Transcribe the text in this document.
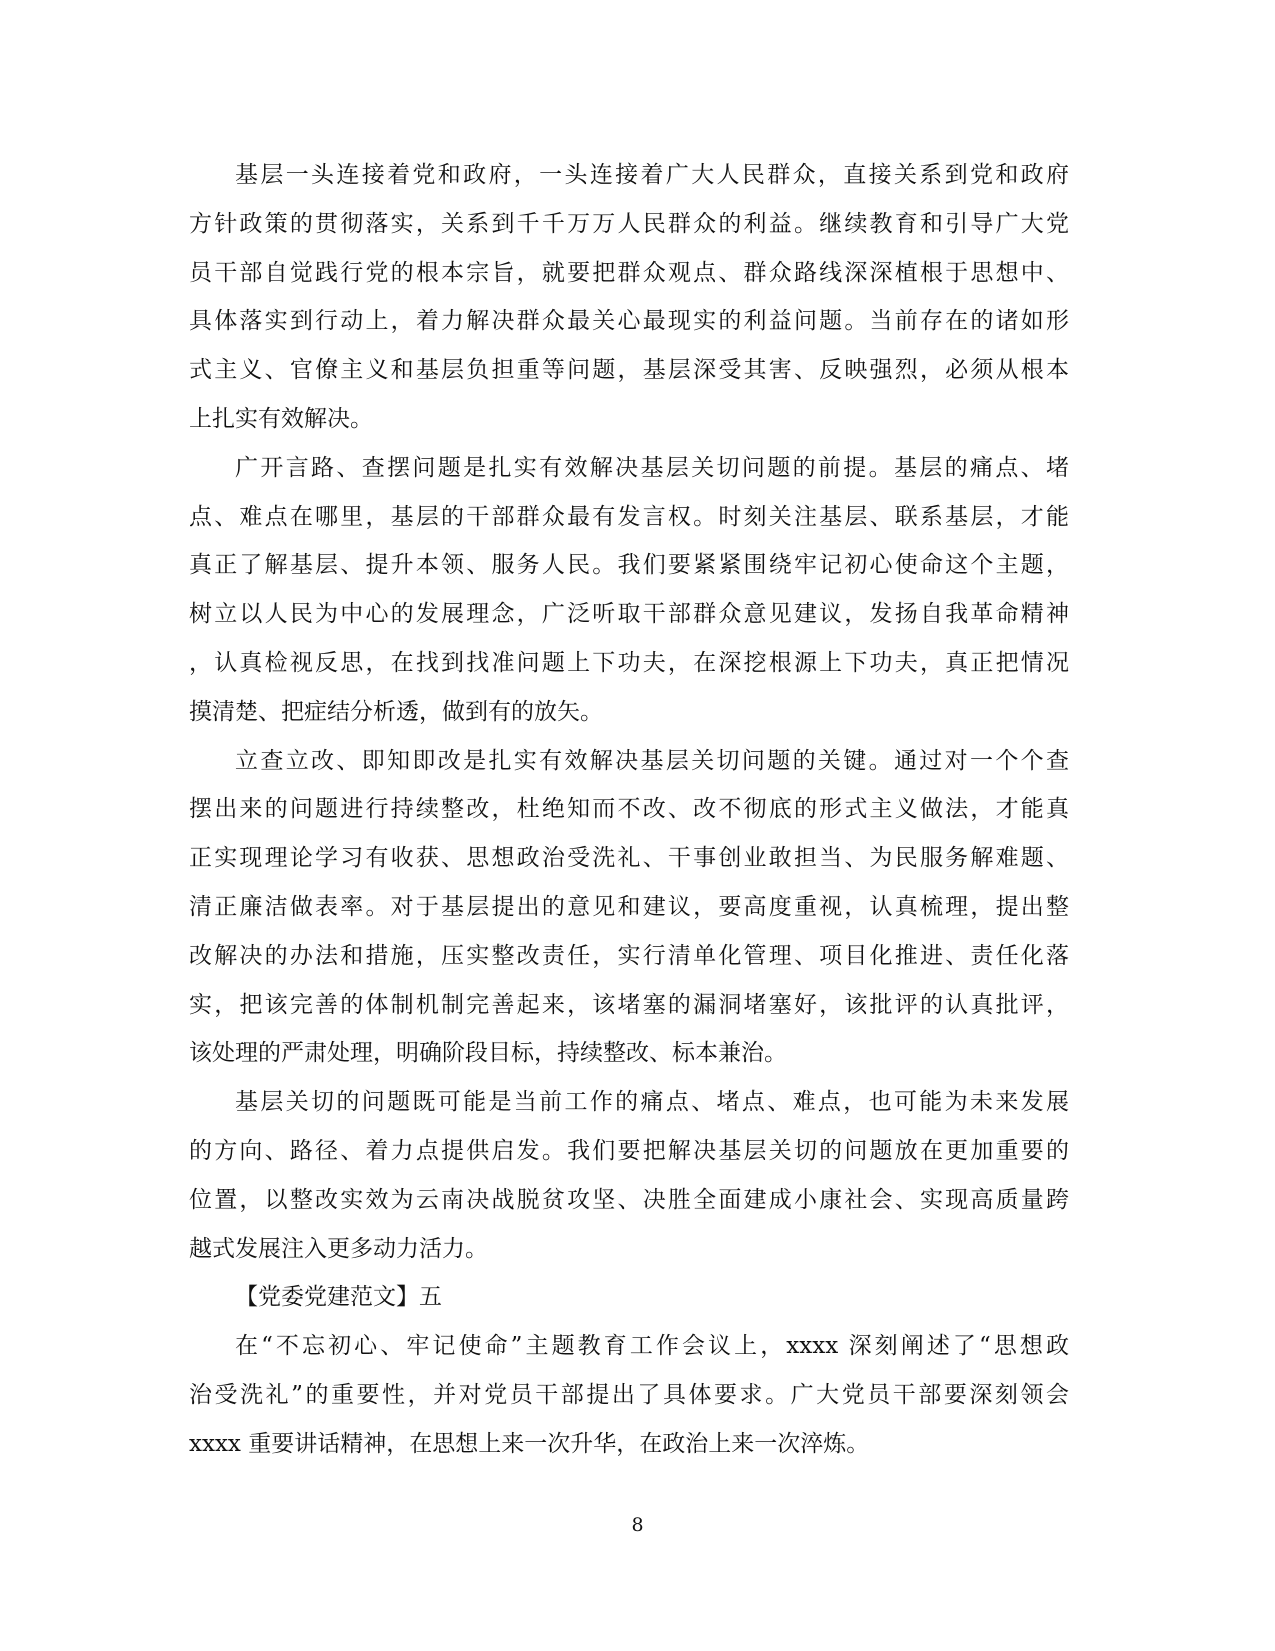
基层一头连接着党和政府，一头连接着广大人民群众，直接关系到党和政府
方针政策的贯彻落实，关系到千千万万人民群众的利益。继续教育和引导广大党
员干部自觉践行党的根本宗旨，就要把群众观点、群众路线深深植根于思想中、
具体落实到行动上，着力解决群众最关心最现实的利益问题。当前存在的诸如形
式主义、官僚主义和基层负担重等问题，基层深受其害、反映强烈，必须从根本
上扎实有效解决。
广开言路、查摆问题是扎实有效解决基层关切问题的前提。基层的痛点、堵
点、难点在哪里，基层的干部群众最有发言权。时刻关注基层、联系基层，才能
真正了解基层、提升本领、服务人民。我们要紧紧围绕牢记初心使命这个主题，
树立以人民为中心的发展理念，广泛听取干部群众意见建议，发扬自我革命精神
，认真检视反思，在找到找准问题上下功夫，在深挖根源上下功夫，真正把情况
摸清楚、把症结分析透，做到有的放矢。
立查立改、即知即改是扎实有效解决基层关切问题的关键。通过对一个个查
摆出来的问题进行持续整改，杜绝知而不改、改不彻底的形式主义做法，才能真
正实现理论学习有收获、思想政治受洗礼、干事创业敢担当、为民服务解难题、
清正廉洁做表率。对于基层提出的意见和建议，要高度重视，认真梳理，提出整
改解决的办法和措施，压实整改责任，实行清单化管理、项目化推进、责任化落
实，把该完善的体制机制完善起来，该堵塞的漏洞堵塞好，该批评的认真批评，
该处理的严肃处理，明确阶段目标，持续整改、标本兼治。
基层关切的问题既可能是当前工作的痛点、堵点、难点，也可能为未来发展
的方向、路径、着力点提供启发。我们要把解决基层关切的问题放在更加重要的
位置，以整改实效为云南决战脱贫攻坚、决胜全面建成小康社会、实现高质量跨
越式发展注入更多动力活力。
【党委党建范文】五
在“不忘初心、牢记使命”主题教育工作会议上，xxxx 深刻阐述了“思想政
治受洗礼”的重要性，并对党员干部提出了具体要求。广大党员干部要深刻领会
xxxx 重要讲话精神，在思想上来一次升华，在政治上来一次淬炼。
8
